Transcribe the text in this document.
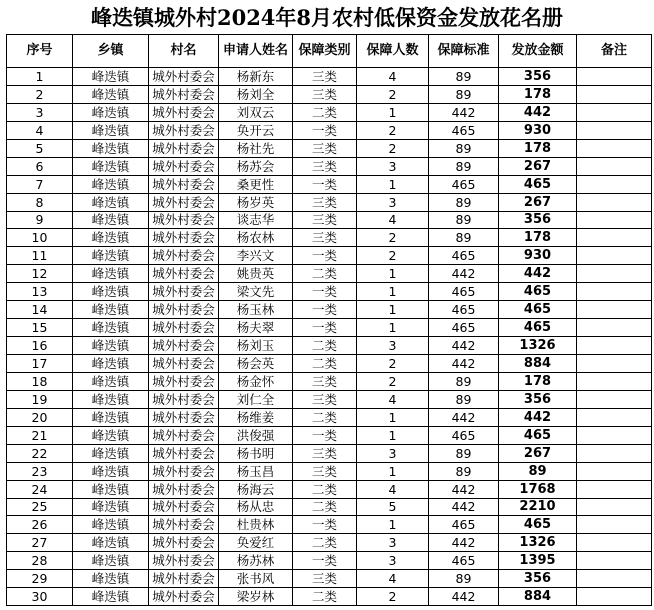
峰迭镇城外村2024年8月农村低保资金发放花名册
序号	乡镇	村名	申请人姓名	保障类别	保障人数	保障标准	发放金额	备注
1	峰迭镇	城外村委会	杨新东	三类	4	89	356	
2	峰迭镇	城外村委会	杨刘全	三类	2	89	178	
3	峰迭镇	城外村委会	刘双云	二类	1	442	442	
4	峰迭镇	城外村委会	奂开云	一类	2	465	930	
5	峰迭镇	城外村委会	杨社先	三类	2	89	178	
6	峰迭镇	城外村委会	杨苏会	三类	3	89	267	
7	峰迭镇	城外村委会	桑更性	一类	1	465	465	
8	峰迭镇	城外村委会	杨岁英	三类	3	89	267	
9	峰迭镇	城外村委会	谈志华	三类	4	89	356	
10	峰迭镇	城外村委会	杨农林	三类	2	89	178	
11	峰迭镇	城外村委会	李兴文	一类	2	465	930	
12	峰迭镇	城外村委会	姚贵英	二类	1	442	442	
13	峰迭镇	城外村委会	梁文先	一类	1	465	465	
14	峰迭镇	城外村委会	杨玉林	一类	1	465	465	
15	峰迭镇	城外村委会	杨夫翠	一类	1	465	465	
16	峰迭镇	城外村委会	杨刘玉	二类	3	442	1326	
17	峰迭镇	城外村委会	杨会英	二类	2	442	884	
18	峰迭镇	城外村委会	杨金怀	三类	2	89	178	
19	峰迭镇	城外村委会	刘仁全	三类	4	89	356	
20	峰迭镇	城外村委会	杨维姜	二类	1	442	442	
21	峰迭镇	城外村委会	洪俊强	一类	1	465	465	
22	峰迭镇	城外村委会	杨书明	三类	3	89	267	
23	峰迭镇	城外村委会	杨玉昌	三类	1	89	89	
24	峰迭镇	城外村委会	杨海云	二类	4	442	1768	
25	峰迭镇	城外村委会	杨从忠	二类	5	442	2210	
26	峰迭镇	城外村委会	杜贵林	一类	1	465	465	
27	峰迭镇	城外村委会	奂爱红	二类	3	442	1326	
28	峰迭镇	城外村委会	杨苏林	一类	3	465	1395	
29	峰迭镇	城外村委会	张书风	三类	4	89	356	
30	峰迭镇	城外村委会	梁岁林	二类	2	442	884	
